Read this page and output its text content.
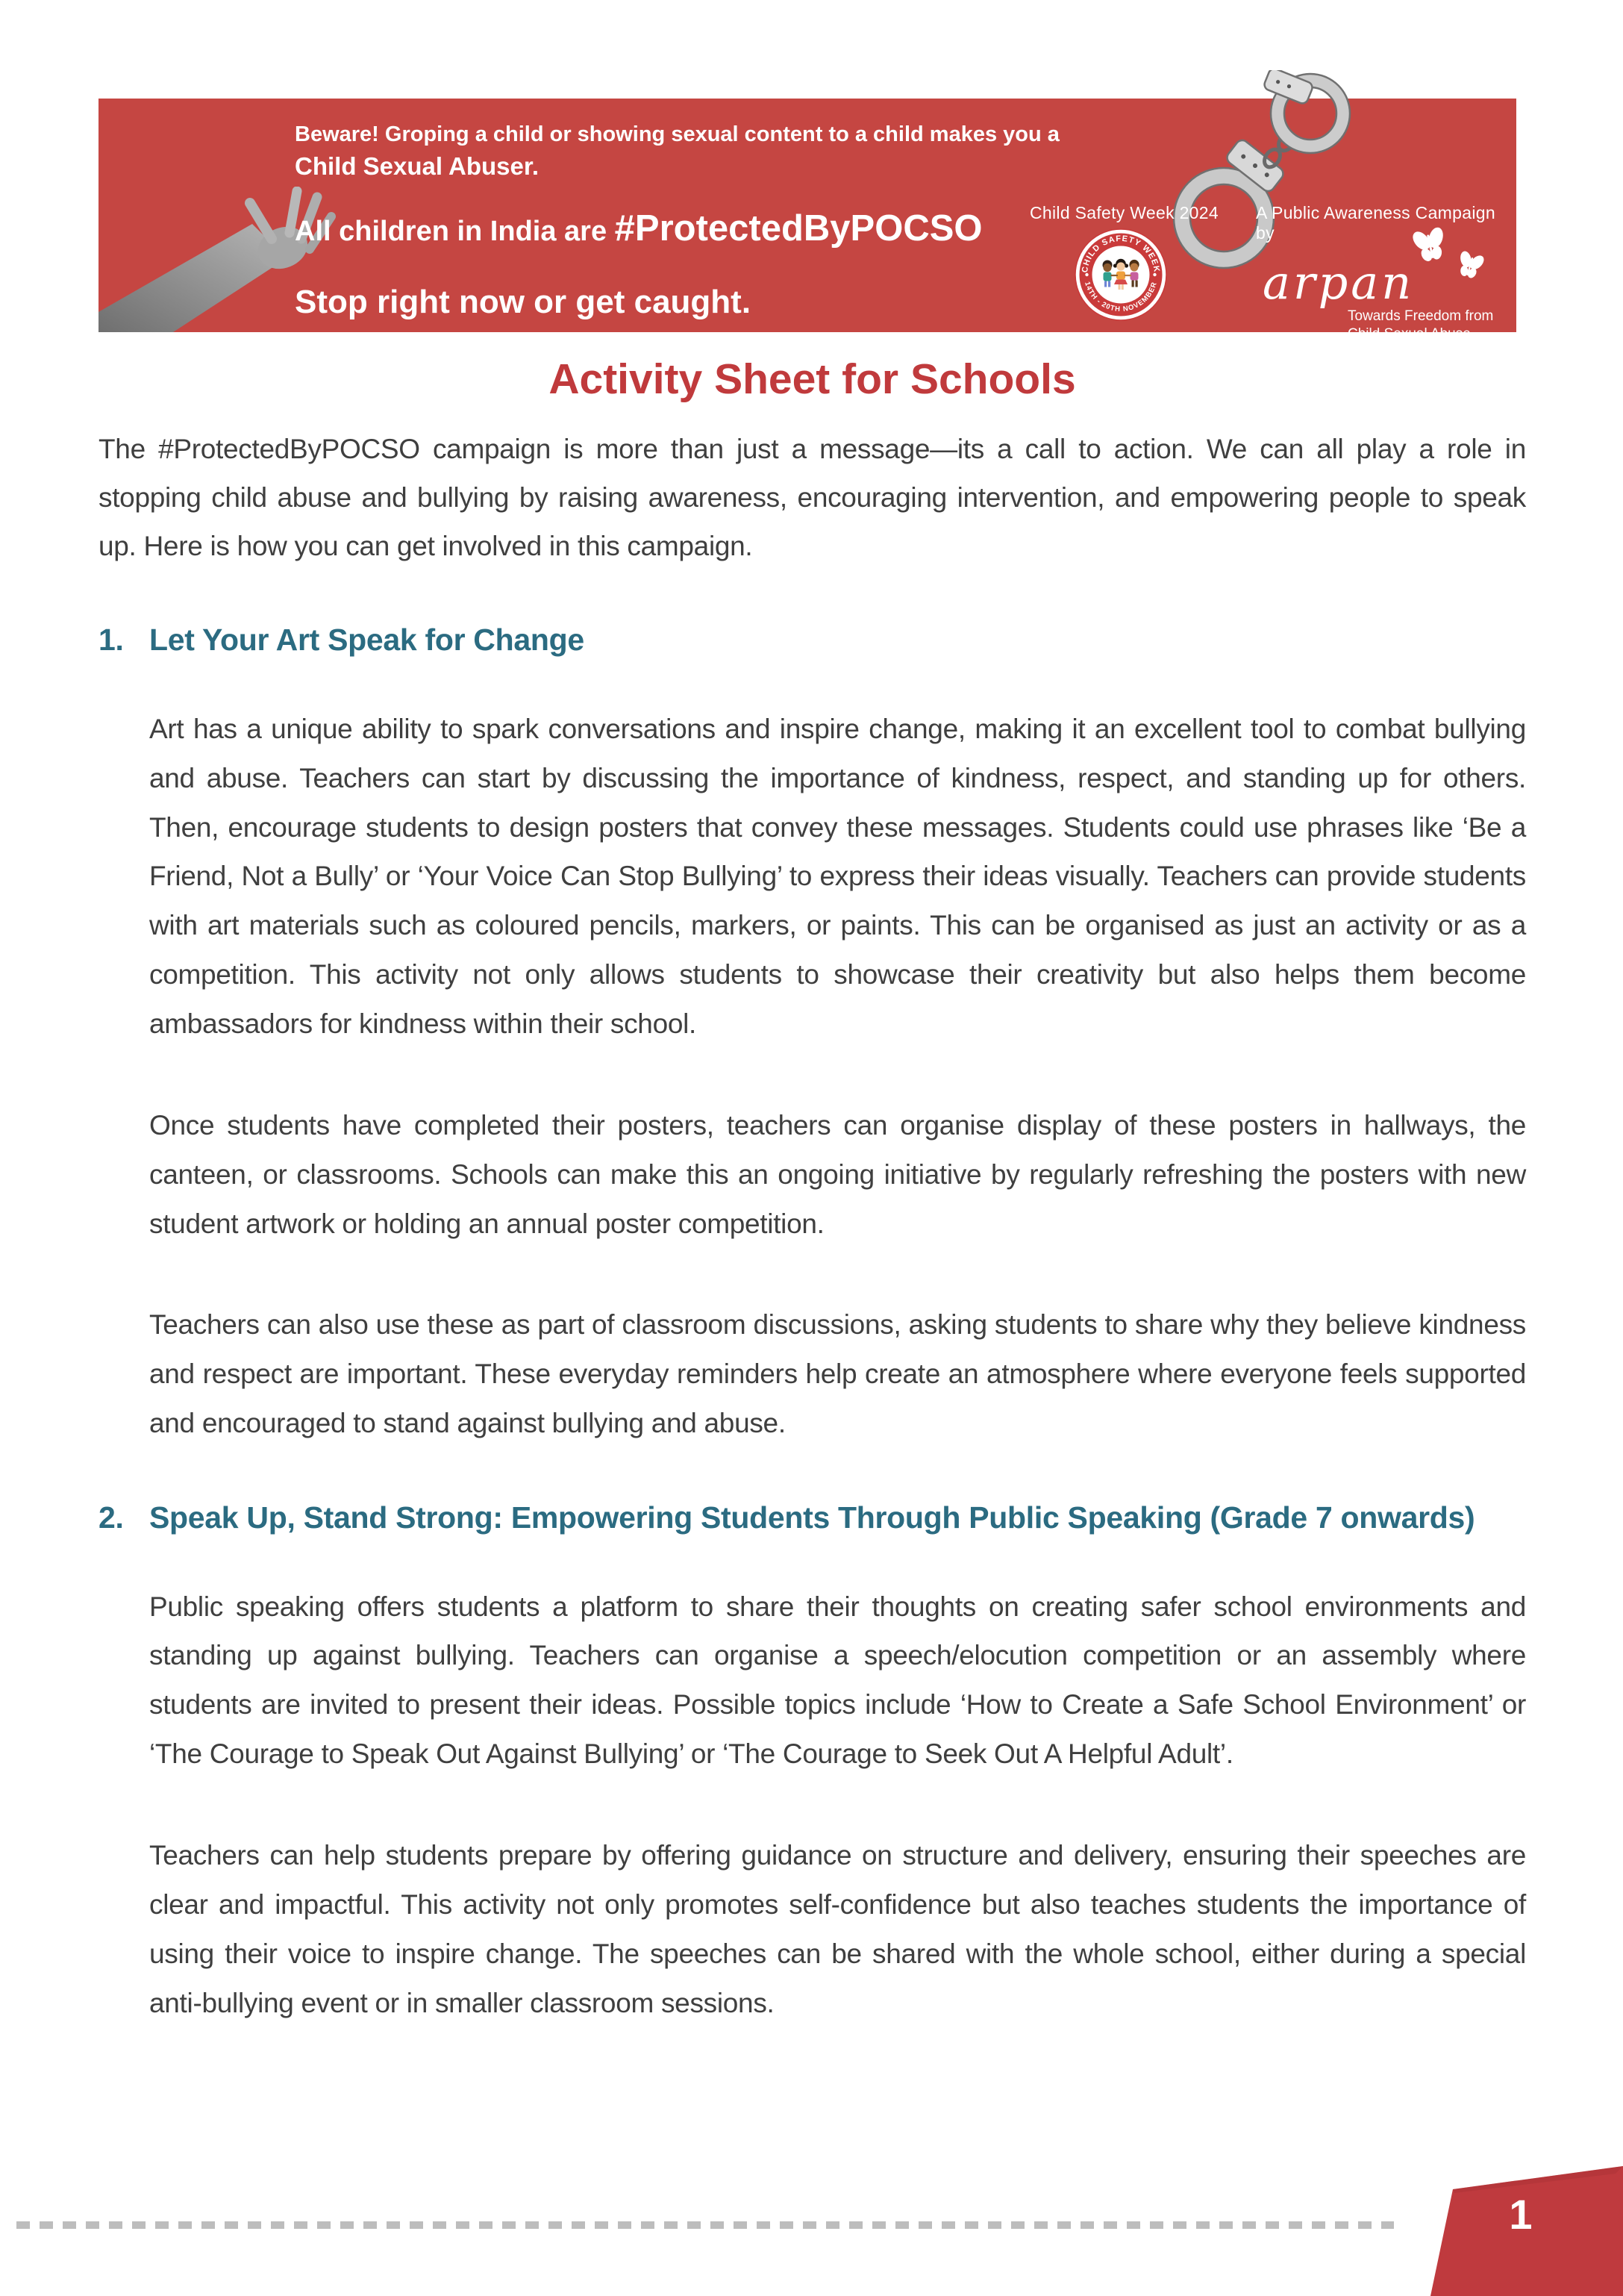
Beware! Groping a child or showing sexual content to a child makes you a
Child Sexual Abuser.
All children in India are #ProtectedByPOCSO
Stop right now or get caught.
Child Safety Week 2024 A Public Awareness Campaign by
CHILD SAFETY WEEK
14TH - 20TH NOVEMBER arpan
Towards Freedom from
Child Sexual Abuse
Activity Sheet for Schools

The #ProtectedByPOCSO campaign is more than just a message—its a call to action. We can all play a role in stopping child abuse and bullying by raising awareness, encouraging intervention, and empowering people to speak up. Here is how you can get involved in this campaign.

1. Let Your Art Speak for Change

Art has a unique ability to spark conversations and inspire change, making it an excellent tool to combat bullying and abuse. Teachers can start by discussing the importance of kindness, respect, and standing up for others. Then, encourage students to design posters that convey these messages. Students could use phrases like ‘Be a Friend, Not a Bully’ or ‘Your Voice Can Stop Bullying’ to express their ideas visually. Teachers can provide students with art materials such as coloured pencils, markers, or paints. This can be organised as just an activity or as a competition. This activity not only allows students to showcase their creativity but also helps them become ambassadors for kindness within their school.

Once students have completed their posters, teachers can organise display of these posters in hallways, the canteen, or classrooms. Schools can make this an ongoing initiative by regularly refreshing the posters with new student artwork or holding an annual poster competition.

Teachers can also use these as part of classroom discussions, asking students to share why they believe kindness and respect are important. These everyday reminders help create an atmosphere where everyone feels supported and encouraged to stand against bullying and abuse.

2. Speak Up, Stand Strong: Empowering Students Through Public Speaking (Grade 7 onwards)

Public speaking offers students a platform to share their thoughts on creating safer school environments and standing up against bullying. Teachers can organise a speech/elocution competition or an assembly where students are invited to present their ideas. Possible topics include ‘How to Create a Safe School Environment’ or ‘The Courage to Speak Out Against Bullying’ or ‘The Courage to Seek Out A Helpful Adult’.

Teachers can help students prepare by offering guidance on structure and delivery, ensuring their speeches are clear and impactful. This activity not only promotes self-confidence but also teaches students the importance of using their voice to inspire change. The speeches can be shared with the whole school, either during a special anti-bullying event or in smaller classroom sessions.

1
